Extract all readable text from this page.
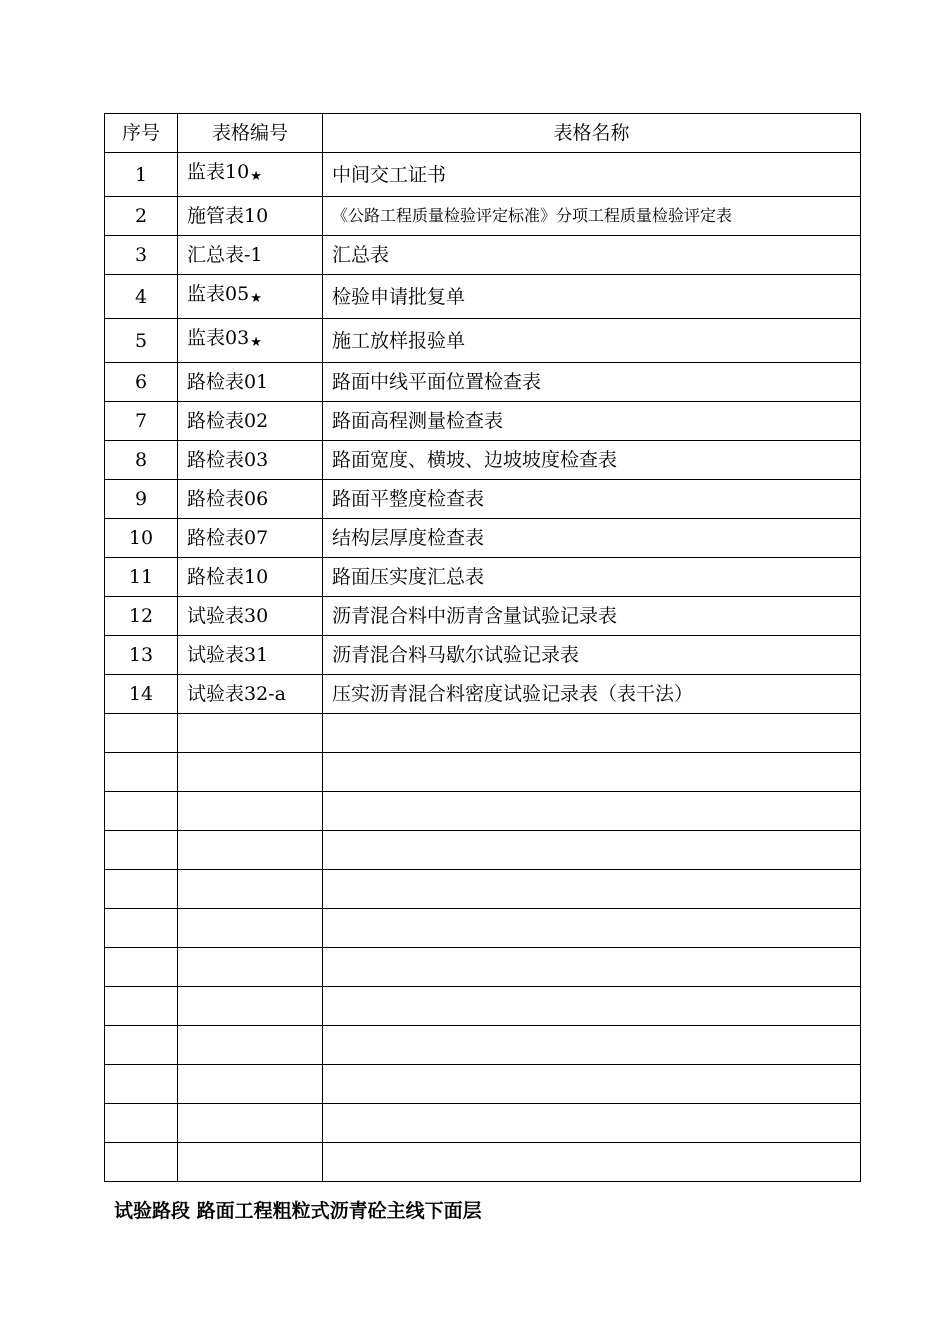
序号	表格编号	表格名称
1	监表10★	中间交工证书
2	施管表10	《公路工程质量检验评定标准》分项工程质量检验评定表
3	汇总表-1	汇总表
4	监表05★	检验申请批复单
5	监表03★	施工放样报验单
6	路检表01	路面中线平面位置检查表
7	路检表02	路面高程测量检查表
8	路检表03	路面宽度、横坡、边坡坡度检查表
9	路检表06	路面平整度检查表
10	路检表07	结构层厚度检查表
11	路检表10	路面压实度汇总表
12	试验表30	沥青混合料中沥青含量试验记录表
13	试验表31	沥青混合料马歇尔试验记录表
14	试验表32-a	压实沥青混合料密度试验记录表（表干法）

试验路段 路面工程粗粒式沥青砼主线下面层
